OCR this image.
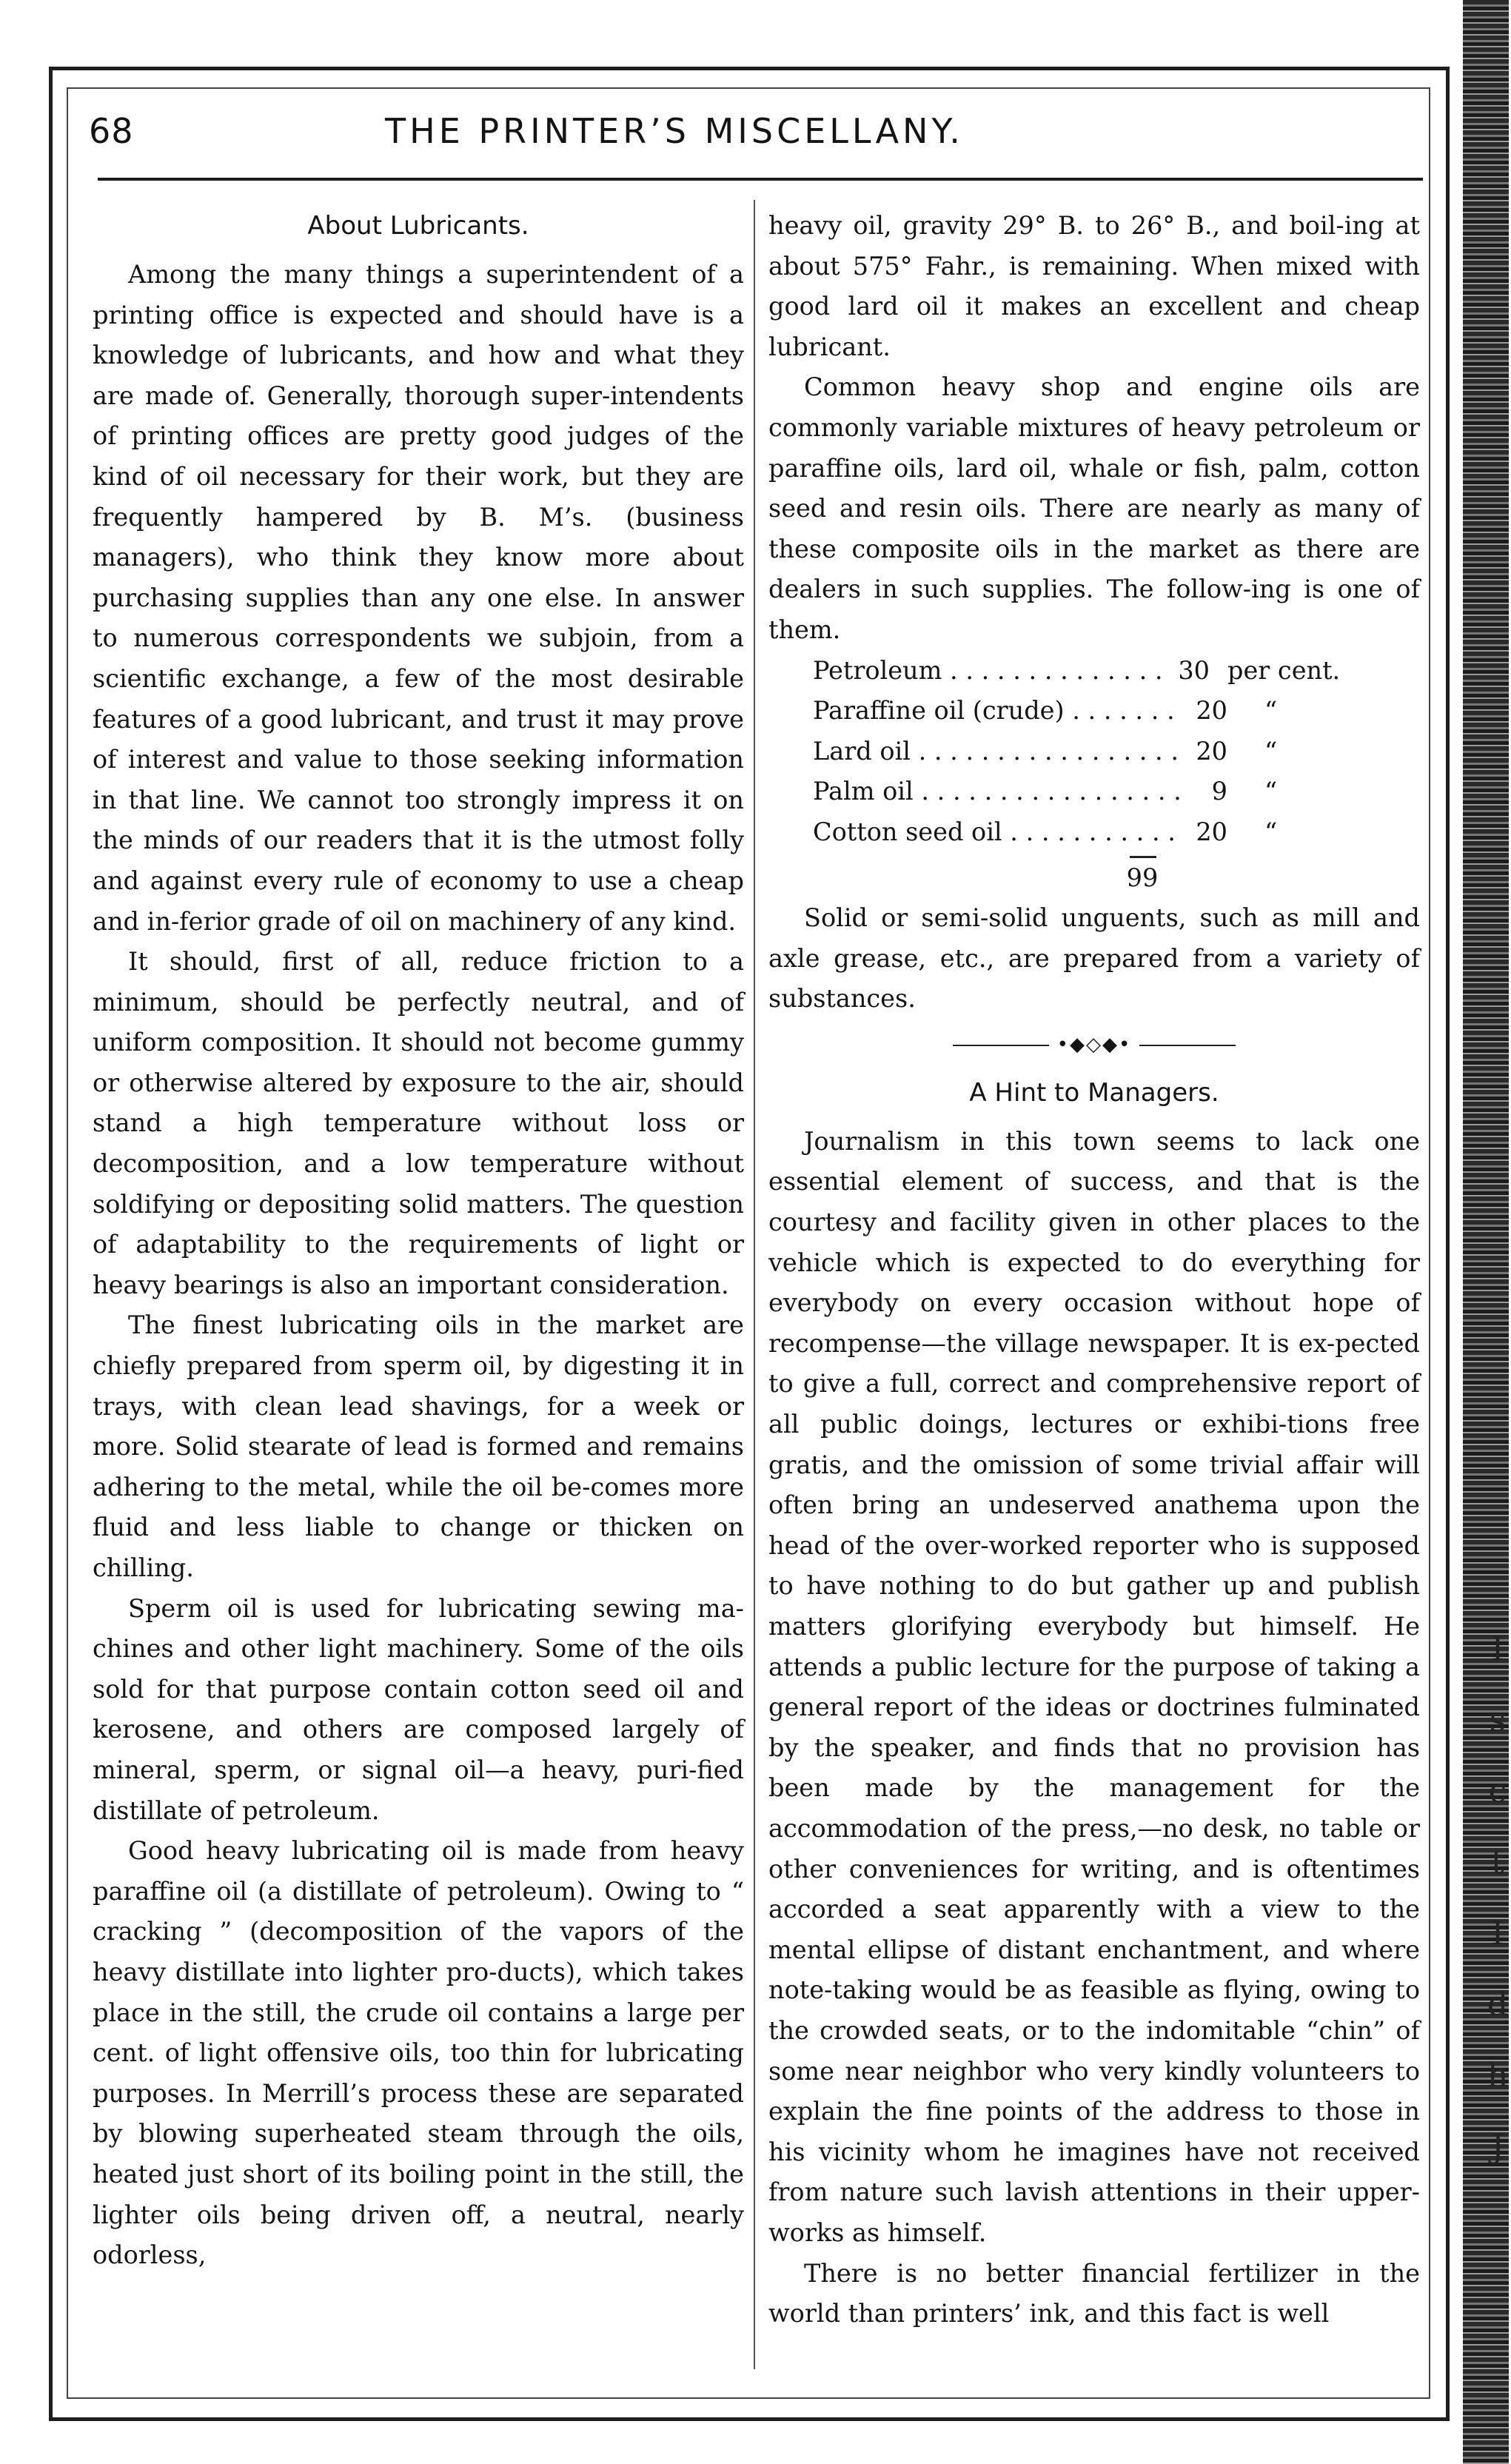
I
s
c
t
I
d
h
J
68	THE PRINTER’S MISCELLANY.
About Lubricants.

Among the many things a superintendent of a printing office is expected and should have is a knowledge of lubricants, and how and what they are made of. Generally, thorough super-intendents of printing offices are pretty good judges of the kind of oil necessary for their work, but they are frequently hampered by B. M’s. (business managers), who think they know more about purchasing supplies than any one else. In answer to numerous correspondents we subjoin, from a scientific exchange, a few of the most desirable features of a good lubricant, and trust it may prove of interest and value to those seeking information in that line. We cannot too strongly impress it on the minds of our readers that it is the utmost folly and against every rule of economy to use a cheap and in-ferior grade of oil on machinery of any kind.

It should, first of all, reduce friction to a minimum, should be perfectly neutral, and of uniform composition. It should not become gummy or otherwise altered by exposure to the air, should stand a high temperature without loss or decomposition, and a low temperature without soldifying or depositing solid matters. The question of adaptability to the requirements of light or heavy bearings is also an important consideration.

The finest lubricating oils in the market are chiefly prepared from sperm oil, by digesting it in trays, with clean lead shavings, for a week or more. Solid stearate of lead is formed and remains adhering to the metal, while the oil be-comes more fluid and less liable to change or thicken on chilling.

Sperm oil is used for lubricating sewing ma-chines and other light machinery. Some of the oils sold for that purpose contain cotton seed oil and kerosene, and others are composed largely of mineral, sperm, or signal oil—a heavy, puri-fied distillate of petroleum.

Good heavy lubricating oil is made from heavy paraffine oil (a distillate of petroleum). Owing to “ cracking ” (decomposition of the vapors of the heavy distillate into lighter pro-ducts), which takes place in the still, the crude oil contains a large per cent. of light offensive oils, too thin for lubricating purposes. In Merrill’s process these are separated by blowing superheated steam through the oils, heated just short of its boiling point in the still, the lighter oils being driven off, a neutral, nearly odorless,

heavy oil, gravity 29° B. to 26° B., and boil-ing at about 575° Fahr., is remaining. When mixed with good lard oil it makes an excellent and cheap lubricant.

Common heavy shop and engine oils are commonly variable mixtures of heavy petroleum or paraffine oils, lard oil, whale or fish, palm, cotton seed and resin oils. There are nearly as many of these composite oils in the market as there are dealers in such supplies. The follow-ing is one of them.

Petroleum . . .	30 per cent.
Paraffine oil (crude) . . .	20	“
Lard oil . . .	20	“
Palm oil . . .	9	“
Cotton seed oil . . .	20	“
99

Solid or semi-solid unguents, such as mill and axle grease, etc., are prepared from a variety of substances.

•◆◇◆•
A Hint to Managers.

Journalism in this town seems to lack one essential element of success, and that is the courtesy and facility given in other places to the vehicle which is expected to do everything for everybody on every occasion without hope of recompense—the village newspaper. It is ex-pected to give a full, correct and comprehensive report of all public doings, lectures or exhibi-tions free gratis, and the omission of some trivial affair will often bring an undeserved anathema upon the head of the over-worked reporter who is supposed to have nothing to do but gather up and publish matters glorifying everybody but himself. He attends a public lecture for the purpose of taking a general report of the ideas or doctrines fulminated by the speaker, and finds that no provision has been made by the management for the accommodation of the press,—no desk, no table or other conveniences for writing, and is oftentimes accorded a seat apparently with a view to the mental ellipse of distant enchantment, and where note-taking would be as feasible as flying, owing to the crowded seats, or to the indomitable “chin” of some near neighbor who very kindly volunteers to explain the fine points of the address to those in his vicinity whom he imagines have not received from nature such lavish attentions in their upper-works as himself.

There is no better financial fertilizer in the world than printers’ ink, and this fact is well
